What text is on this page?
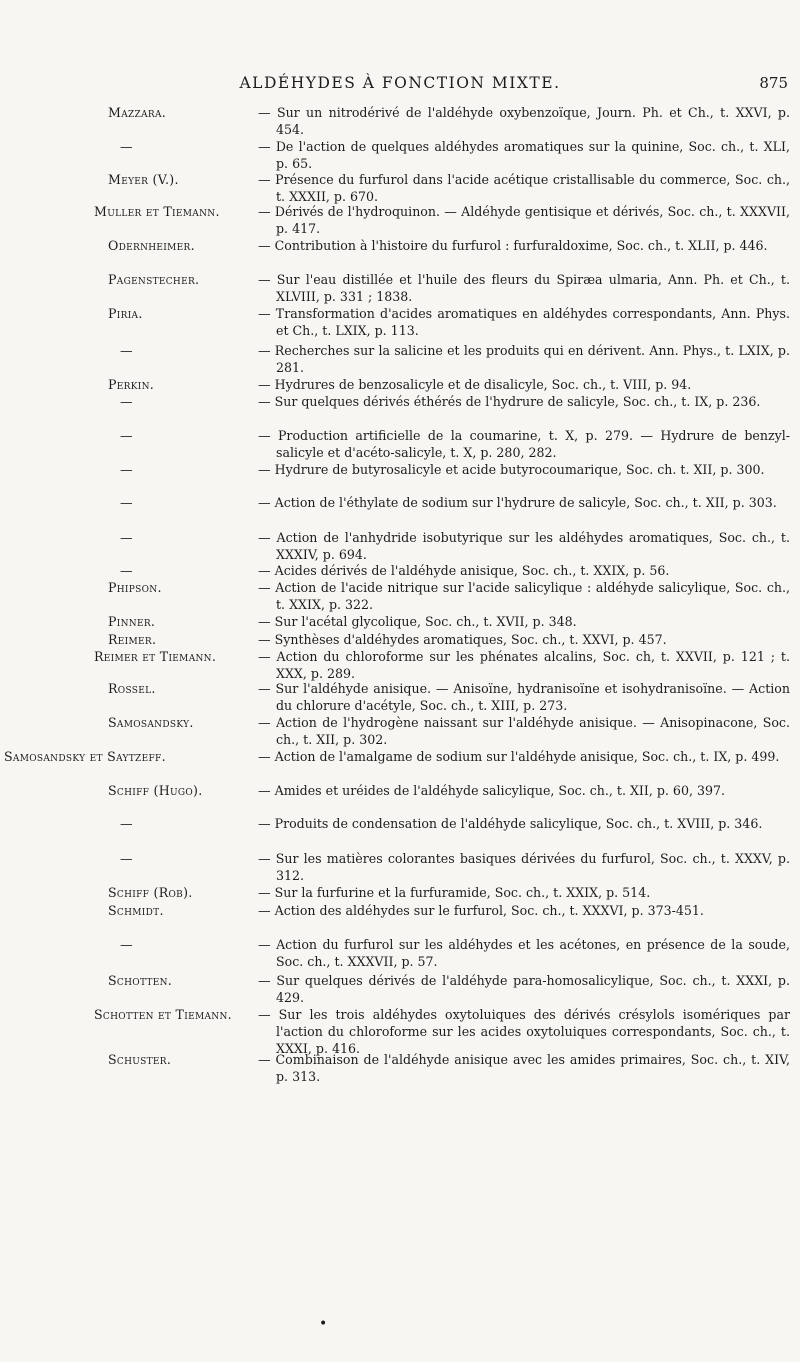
ALDÉHYDES À FONCTION MIXTE.	875
Mazzara.	— Sur un nitrodérivé de l'aldéhyde oxybenzoïque, Journ. Ph. et Ch., t. XXVI, p. 454.
—	— De l'action de quelques aldéhydes aromatiques sur la quinine, Soc. ch., t. XLI, p. 65.
Meyer (V.).	— Présence du furfurol dans l'acide acétique cristallisable du commerce, Soc. ch., t. XXXII, p. 670.
Muller et Tiemann.	— Dérivés de l'hydroquinon. — Aldéhyde gentisique et dérivés, Soc. ch., t. XXXVII, p. 417.
Odernheimer.	— Contribution à l'histoire du furfurol : furfuraldoxime, Soc. ch., t. XLII, p. 446.
Pagenstecher.	— Sur l'eau distillée et l'huile des fleurs du Spiræa ulmaria, Ann. Ph. et Ch., t. XLVIII, p. 331 ; 1838.
Piria.	— Transformation d'acides aromatiques en aldéhydes correspondants, Ann. Phys. et Ch., t. LXIX, p. 113.
—	— Recherches sur la salicine et les produits qui en dérivent. Ann. Phys., t. LXIX, p. 281.
Perkin.	— Hydrures de benzosalicyle et de disalicyle, Soc. ch., t. VIII, p. 94.
—	— Sur quelques dérivés éthérés de l'hydrure de salicyle, Soc. ch., t. IX, p. 236.
—	— Production artificielle de la coumarine, t. X, p. 279. — Hydrure de benzyl-salicyle et d'acéto-salicyle, t. X, p. 280, 282.
—	— Hydrure de butyrosalicyle et acide butyrocoumarique, Soc. ch. t. XII, p. 300.
—	— Action de l'éthylate de sodium sur l'hydrure de salicyle, Soc. ch., t. XII, p. 303.
—	— Action de l'anhydride isobutyrique sur les aldéhydes aromatiques, Soc. ch., t. XXXIV, p. 694.
—	— Acides dérivés de l'aldéhyde anisique, Soc. ch., t. XXIX, p. 56.
Phipson.	— Action de l'acide nitrique sur l'acide salicylique : aldéhyde salicylique, Soc. ch., t. XXIX, p. 322.
Pinner.	— Sur l'acétal glycolique, Soc. ch., t. XVII, p. 348.
Reimer.	— Synthèses d'aldéhydes aromatiques, Soc. ch., t. XXVI, p. 457.
Reimer et Tiemann.	— Action du chloroforme sur les phénates alcalins, Soc. ch, t. XXVII, p. 121 ; t. XXX, p. 289.
Rossel.	— Sur l'aldéhyde anisique. — Anisoïne, hydranisoïne et isohydranisoïne. — Action du chlorure d'acétyle, Soc. ch., t. XIII, p. 273.
Samosandsky.	— Action de l'hydrogène naissant sur l'aldéhyde anisique. — Anisopinacone, Soc. ch., t. XII, p. 302.
Samosandsky et Saytzeff.	— Action de l'amalgame de sodium sur l'aldéhyde anisique, Soc. ch., t. IX, p. 499.
Schiff (Hugo).	— Amides et uréides de l'aldéhyde salicylique, Soc. ch., t. XII, p. 60, 397.
—	— Produits de condensation de l'aldéhyde salicylique, Soc. ch., t. XVIII, p. 346.
—	— Sur les matières colorantes basiques dérivées du furfurol, Soc. ch., t. XXXV, p. 312.
Schiff (Rob).	— Sur la furfurine et la furfuramide, Soc. ch., t. XXIX, p. 514.
Schmidt.	— Action des aldéhydes sur le furfurol, Soc. ch., t. XXXVI, p. 373-451.
—	— Action du furfurol sur les aldéhydes et les acétones, en présence de la soude, Soc. ch., t. XXXVII, p. 57.
Schotten.	— Sur quelques dérivés de l'aldéhyde para-homosalicylique, Soc. ch., t. XXXI, p. 429.
Schotten et Tiemann.	— Sur les trois aldéhydes oxytoluiques des dérivés crésylols isomériques par l'action du chloroforme sur les acides oxytoluiques correspondants, Soc. ch., t. XXXI, p. 416.
Schuster.	— Combinaison de l'aldéhyde anisique avec les amides primaires, Soc. ch., t. XIV, p. 313.
•
